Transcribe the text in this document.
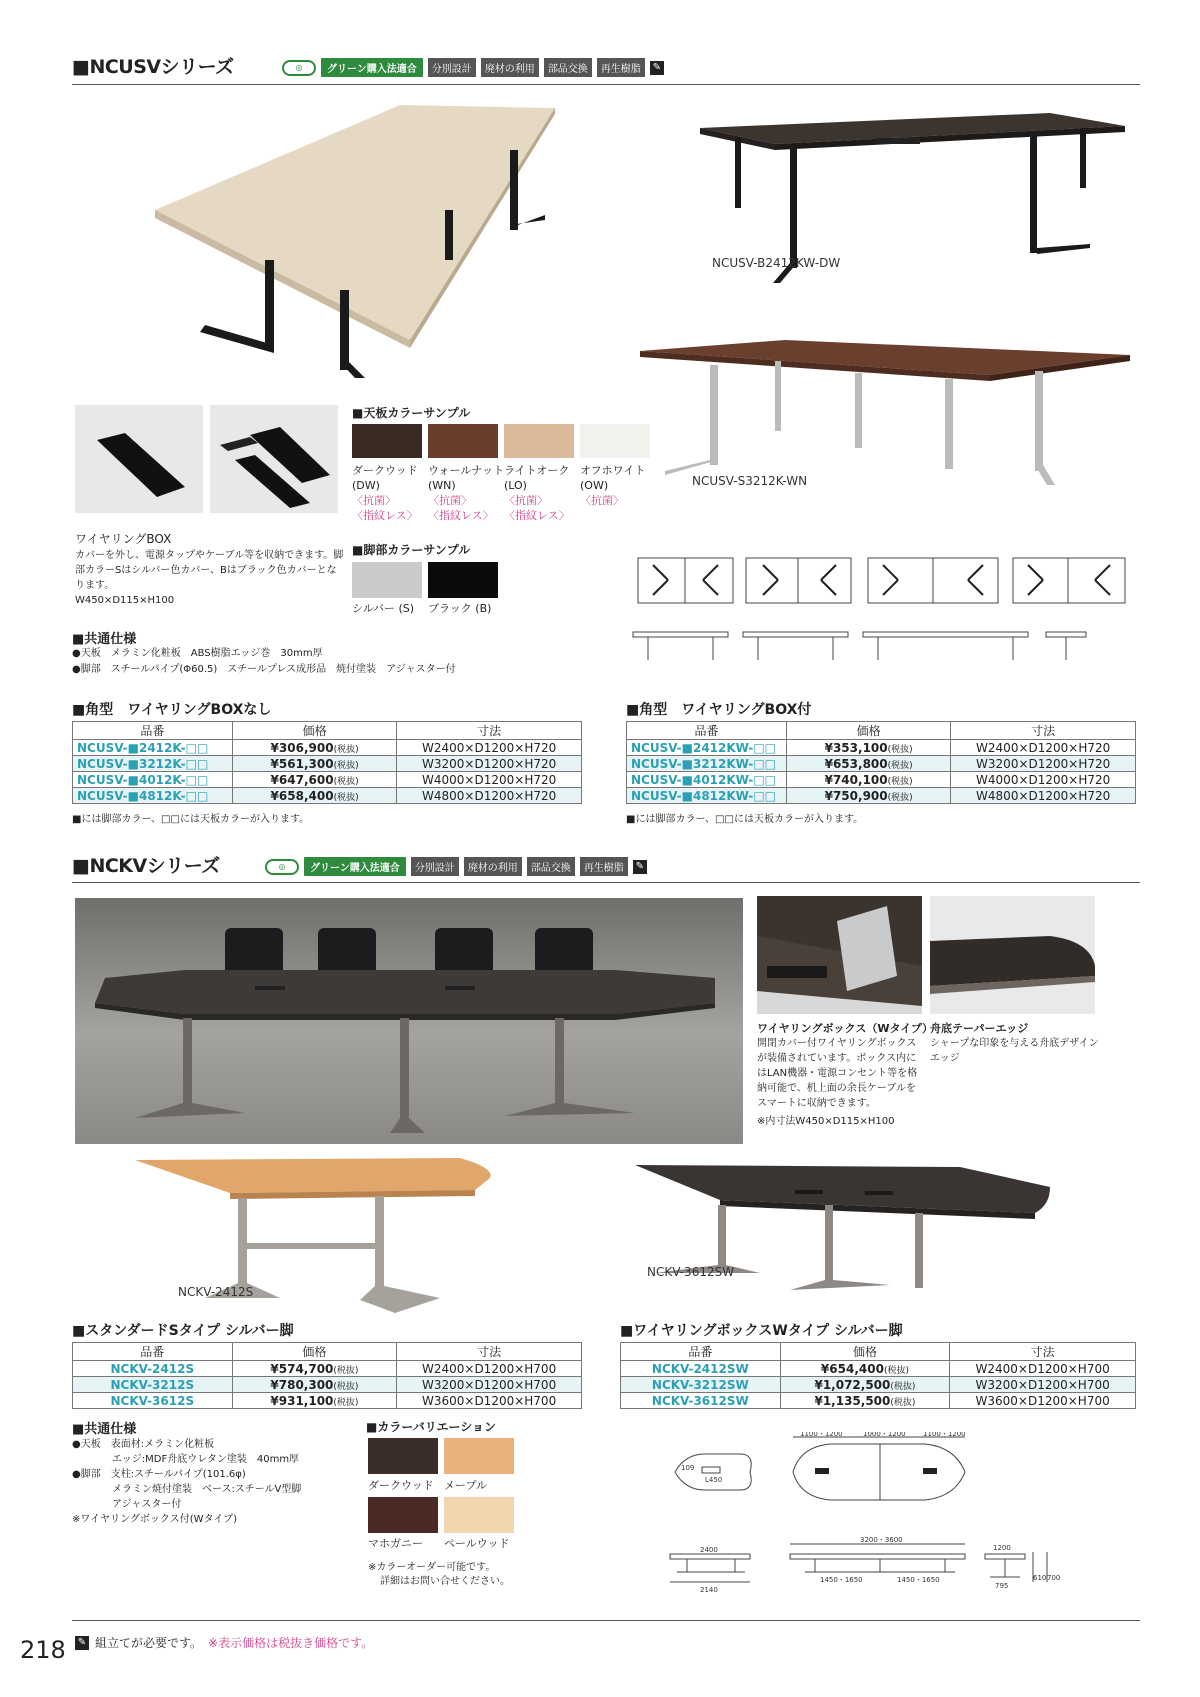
■NCUSVシリーズ	◎	グリーン購入法適合	分別設計	廃材の利用	部品交換	再生樹脂	✎
NCUSV-B2412KW-DW
NCUSV-S3212K-WN
ワイヤリングBOX
カバーを外し、電源タップやケーブル等を収納できます。脚部カラーSはシルバー色カバー、Bはブラック色カバーとなります。
W450×D115×H100
■天板カラーサンプル
ダークウッド
(DW)
〈抗菌〉
〈指紋レス〉
ウォールナット
(WN)
〈抗菌〉
〈指紋レス〉
ライトオーク
(LO)
〈抗菌〉
〈指紋レス〉
オフホワイト
(OW)
〈抗菌〉
■脚部カラーサンプル
シルバー (S) ブラック (B)
■共通仕様
●天板　メラミン化粧板　ABS樹脂エッジ巻　30mm厚
●脚部　スチールパイプ(Φ60.5)　スチールプレス成形品　焼付塗装　アジャスター付
■角型　ワイヤリングBOXなし
品番	価格	寸法
NCUSV-■2412K-□□	¥306,900(税抜)	W2400×D1200×H720
NCUSV-■3212K-□□	¥561,300(税抜)	W3200×D1200×H720
NCUSV-■4012K-□□	¥647,600(税抜)	W4000×D1200×H720
NCUSV-■4812K-□□	¥658,400(税抜)	W4800×D1200×H720
■には脚部カラー、□□には天板カラーが入ります。
■角型　ワイヤリングBOX付
品番	価格	寸法
NCUSV-■2412KW-□□	¥353,100(税抜)	W2400×D1200×H720
NCUSV-■3212KW-□□	¥653,800(税抜)	W3200×D1200×H720
NCUSV-■4012KW-□□	¥740,100(税抜)	W4000×D1200×H720
NCUSV-■4812KW-□□	¥750,900(税抜)	W4800×D1200×H720
■には脚部カラー、□□には天板カラーが入ります。
■NCKVシリーズ	◎	グリーン購入法適合	分別設計	廃材の利用	部品交換	再生樹脂	✎
ワイヤリングボックス（Wタイプ）
開閉カバー付ワイヤリングボックスが装備されています。ボックス内にはLAN機器・電源コンセント等を格納可能で、机上面の余長ケーブルをスマートに収納できます。
※内寸法W450×D115×H100
舟底テーパーエッジ
シャープな印象を与える舟底デザインエッジ
NCKV-2412S
NCKV-3612SW
■スタンダードSタイプ シルバー脚
品番	価格	寸法
NCKV-2412S	¥574,700(税抜)	W2400×D1200×H700
NCKV-3212S	¥780,300(税抜)	W3200×D1200×H700
NCKV-3612S	¥931,100(税抜)	W3600×D1200×H700
■ワイヤリングボックスWタイプ シルバー脚
品番	価格	寸法
NCKV-2412SW	¥654,400(税抜)	W2400×D1200×H700
NCKV-3212SW	¥1,072,500(税抜)	W3200×D1200×H700
NCKV-3612SW	¥1,135,500(税抜)	W3600×D1200×H700
■共通仕様
●天板　表面材:メラミン化粧板
　　　　エッジ:MDF舟底ウレタン塗装　40mm厚
●脚部　支柱:スチールパイプ(101.6φ)
　　　　メラミン焼付塗装　ベース:スチールV型脚
　　　　アジャスター付
※ワイヤリングボックス付(Wタイプ)
■カラーバリエーション
ダークウッド メープル
マホガニー ペールウッド
※カラーオーダー可能です。
詳細はお問い合せください。
1100・1200	1000・1200 1100・1200
3200・3600
2400
2140
1450・1650	1450・1650
1200
795
610 700
L450
109
218 ✎ 組立てが必要です。 ※表示価格は税抜き価格です。
